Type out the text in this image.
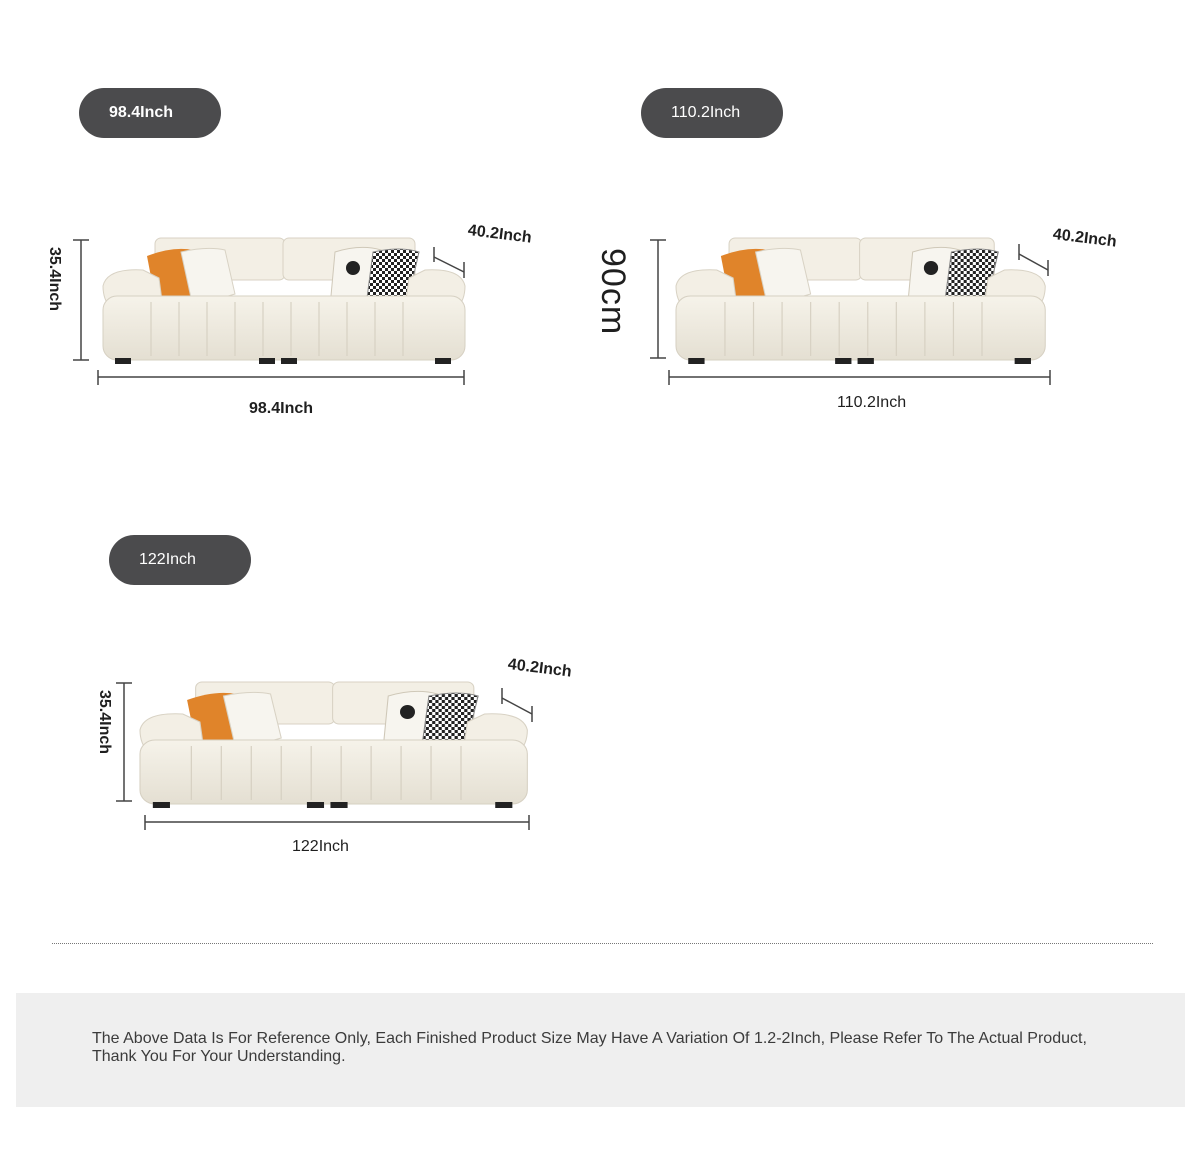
98.4Inch
35.4Inch
98.4Inch
40.2Inch
110.2Inch
90cm
110.2Inch
40.2Inch
122Inch
35.4Inch
122Inch
40.2Inch
The Above Data Is For Reference Only, Each Finished Product Size May Have A Variation Of 1.2-2Inch, Please Refer To The Actual Product,
Thank You For Your Understanding.
